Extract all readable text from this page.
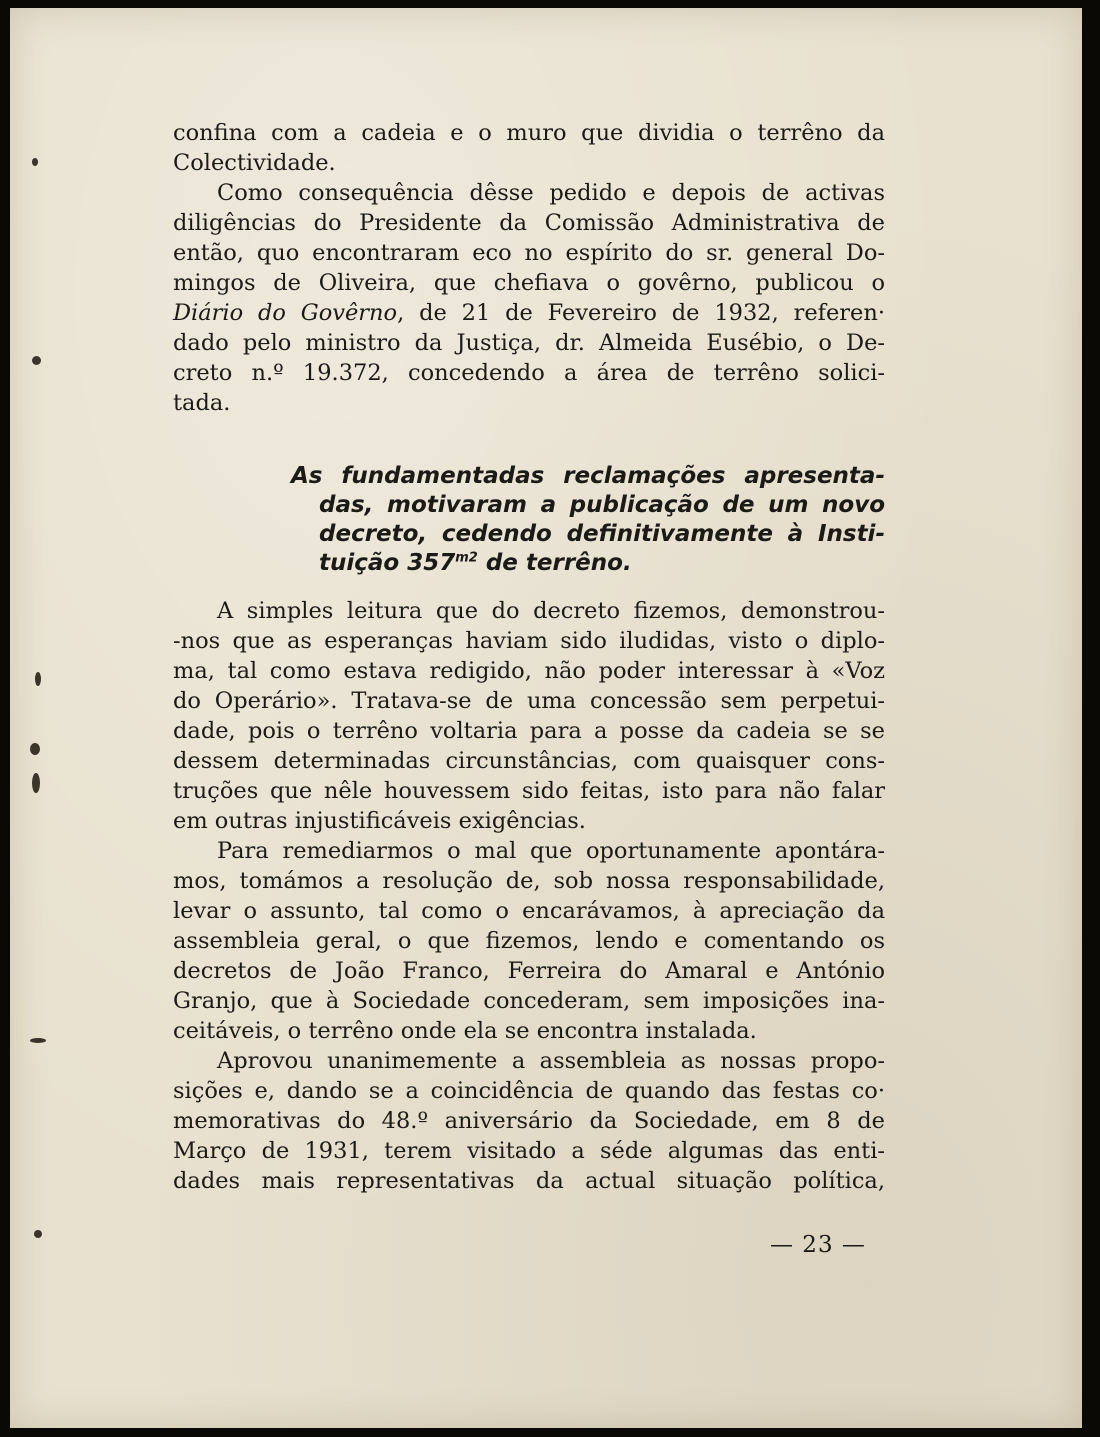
confina com a cadeia e o muro que dividia o terrêno da
Colectividade.
Como consequência dêsse pedido e depois de activas
diligências do Presidente da Comissão Administrativa de
então, quo encontraram eco no espírito do sr. general Do-
mingos de Oliveira, que chefiava o govêrno, publicou o
Diário do Govêrno, de 21 de Fevereiro de 1932, referen·
dado pelo ministro da Justiça, dr. Almeida Eusébio, o De-
creto n.º 19.372, concedendo a área de terrêno solici-
tada.
As fundamentadas reclamações apresenta-
das, motivaram a publicação de um novo
decreto, cedendo definitivamente à Insti-
tuição $357^{m2}$ de terrêno.
A simples leitura que do decreto fizemos, demonstrou-
-nos que as esperanças haviam sido iludidas, visto o diplo-
ma, tal como estava redigido, não poder interessar à «Voz
do Operário». Tratava-se de uma concessão sem perpetui-
dade, pois o terrêno voltaria para a posse da cadeia se se
dessem determinadas circunstâncias, com quaisquer cons-
truções que nêle houvessem sido feitas, isto para não falar
em outras injustificáveis exigências.
Para remediarmos o mal que oportunamente apontára-
mos, tomámos a resolução de, sob nossa responsabilidade,
levar o assunto, tal como o encarávamos, à apreciação da
assembleia geral, o que fizemos, lendo e comentando os
decretos de João Franco, Ferreira do Amaral e António
Granjo, que à Sociedade concederam, sem imposições ina-
ceitáveis, o terrêno onde ela se encontra instalada.
Aprovou unanimemente a assembleia as nossas propo-
sições e, dando se a coincidência de quando das festas co·
memorativas do 48.º aniversário da Sociedade, em 8 de
Março de 1931, terem visitado a séde algumas das enti-
dades mais representativas da actual situação política,
— 23 —
